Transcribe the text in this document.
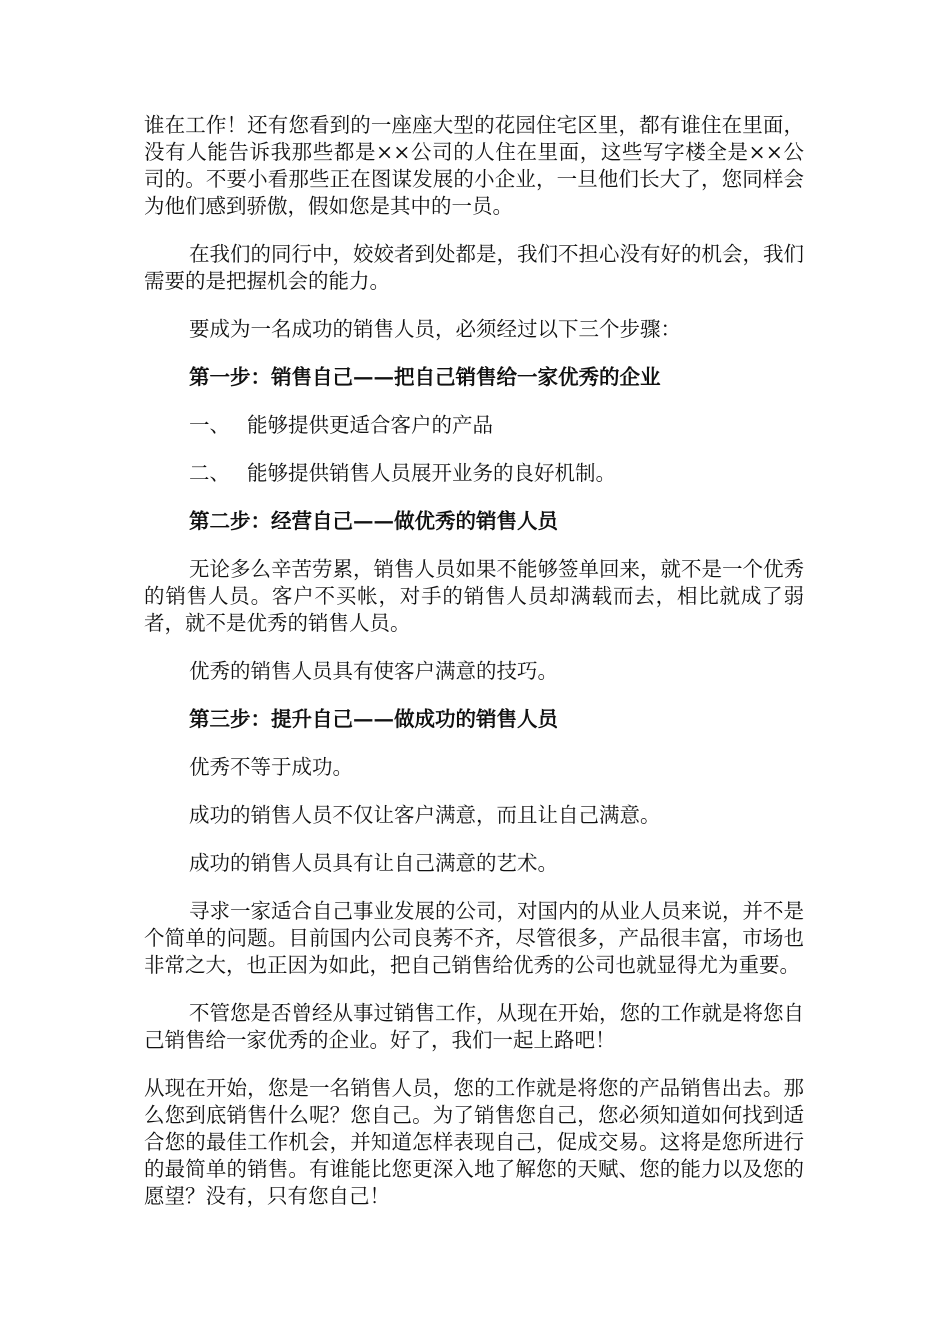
谁在工作！还有您看到的一座座大型的花园住宅区里，都有谁住在里面，没有人能告诉我那些都是××公司的人住在里面，这些写字楼全是××公司的。不要小看那些正在图谋发展的小企业，一旦他们长大了，您同样会为他们感到骄傲，假如您是其中的一员。

在我们的同行中，姣姣者到处都是，我们不担心没有好的机会，我们需要的是把握机会的能力。

要成为一名成功的销售人员，必须经过以下三个步骤：

第一步：销售自己——把自己销售给一家优秀的企业

一、 能够提供更适合客户的产品

二、 能够提供销售人员展开业务的良好机制。

第二步：经营自己——做优秀的销售人员

无论多么辛苦劳累，销售人员如果不能够签单回来，就不是一个优秀的销售人员。客户不买帐，对手的销售人员却满载而去，相比就成了弱者，就不是优秀的销售人员。

优秀的销售人员具有使客户满意的技巧。

第三步：提升自己——做成功的销售人员

优秀不等于成功。

成功的销售人员不仅让客户满意，而且让自己满意。

成功的销售人员具有让自己满意的艺术。

寻求一家适合自己事业发展的公司，对国内的从业人员来说，并不是个简单的问题。目前国内公司良莠不齐，尽管很多，产品很丰富，市场也非常之大，也正因为如此，把自己销售给优秀的公司也就显得尤为重要。

不管您是否曾经从事过销售工作，从现在开始，您的工作就是将您自己销售给一家优秀的企业。好了，我们一起上路吧！

从现在开始，您是一名销售人员，您的工作就是将您的产品销售出去。那么您到底销售什么呢？您自己。为了销售您自己，您必须知道如何找到适合您的最佳工作机会，并知道怎样表现自己，促成交易。这将是您所进行的最简单的销售。有谁能比您更深入地了解您的天赋、您的能力以及您的愿望？没有，只有您自己！
